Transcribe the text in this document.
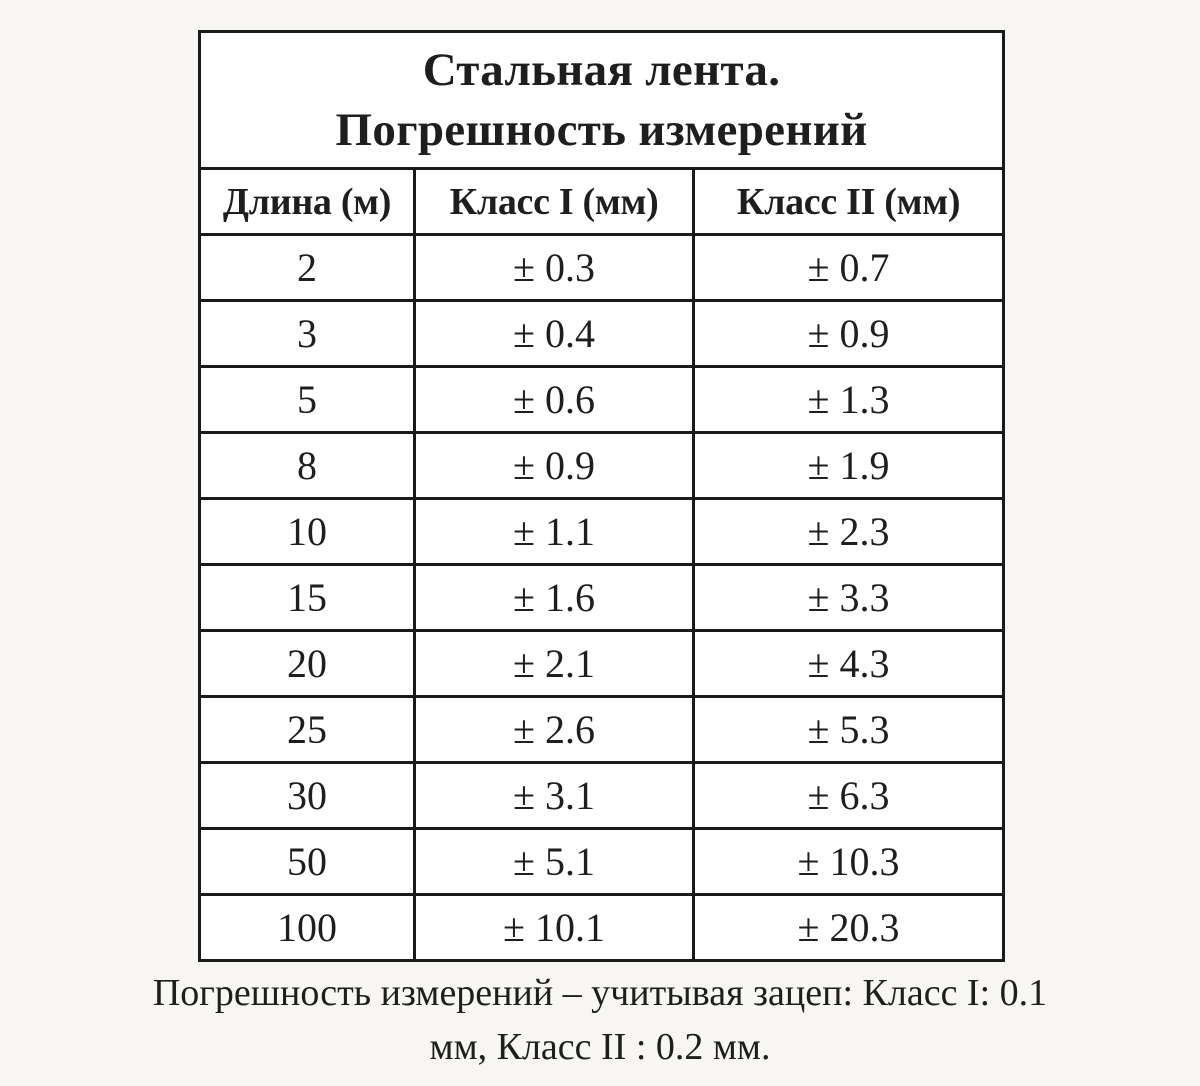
Стальная лента.
Погрешность измерений		

Длина (м)	Класс I (мм)	Класс II (мм)
2	± 0.3	± 0.7
3	± 0.4	± 0.9
5	± 0.6	± 1.3
8	± 0.9	± 1.9
10	± 1.1	± 2.3
15	± 1.6	± 3.3
20	± 2.1	± 4.3
25	± 2.6	± 5.3
30	± 3.1	± 6.3
50	± 5.1	± 10.3
100	± 10.1	± 20.3
Погрешность измерений – учитывая зацеп: Класс I: 0.1
мм, Класс II : 0.2 мм.
